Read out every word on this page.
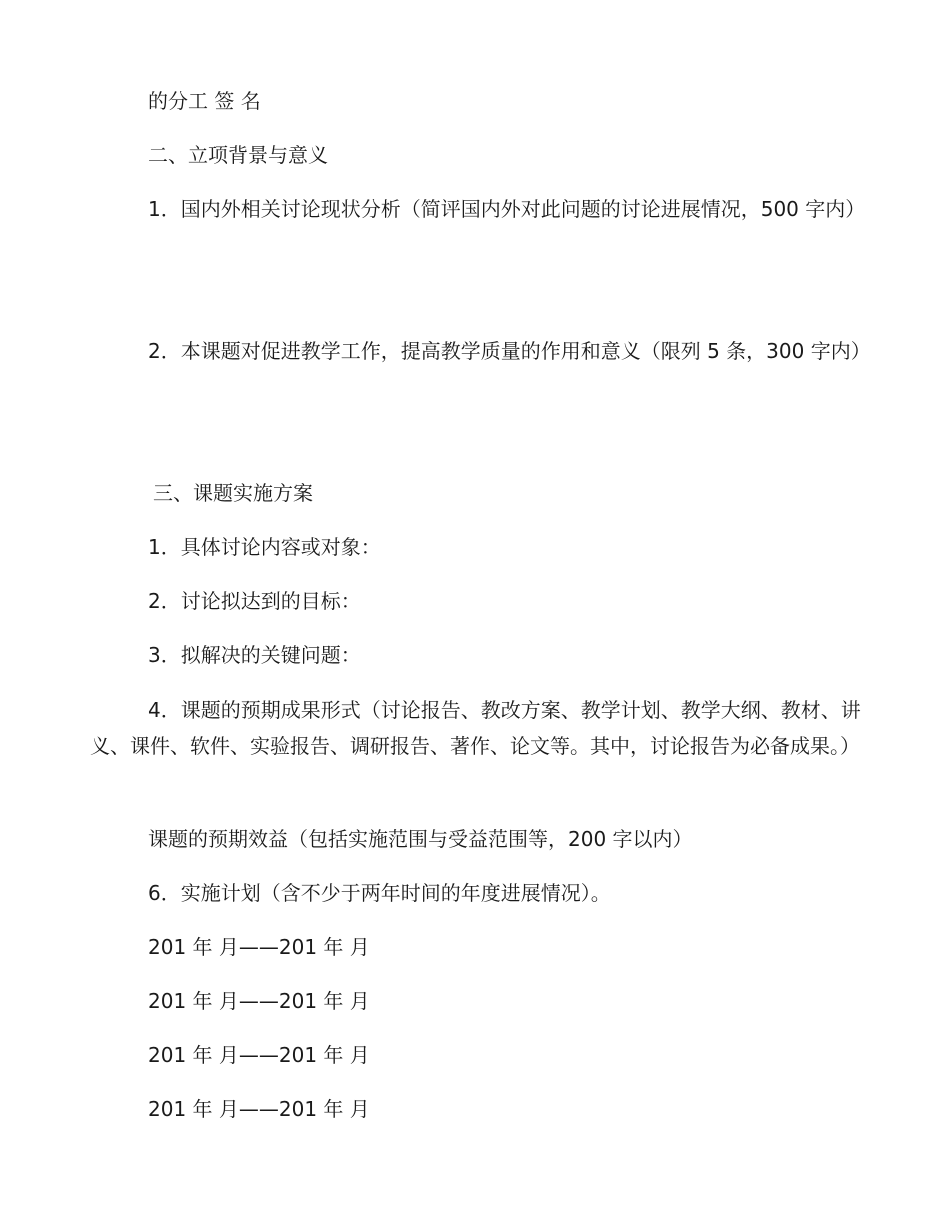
的分工 签 名

二、立项背景与意义

1．国内外相关讨论现状分析（简评国内外对此问题的讨论进展情况，500 字内）

2．本课题对促进教学工作，提高教学质量的作用和意义（限列 5 条，300 字内）

三、课题实施方案

1．具体讨论内容或对象：

2．讨论拟达到的目标：

3．拟解决的关键问题：

4．课题的预期成果形式（讨论报告、教改方案、教学计划、教学大纲、教材、讲义、课件、软件、实验报告、调研报告、著作、论文等。其中，讨论报告为必备成果。）

课题的预期效益（包括实施范围与受益范围等，200 字以内）

6．实施计划（含不少于两年时间的年度进展情况）。

201 年 月——201 年 月

201 年 月——201 年 月

201 年 月——201 年 月

201 年 月——201 年 月
